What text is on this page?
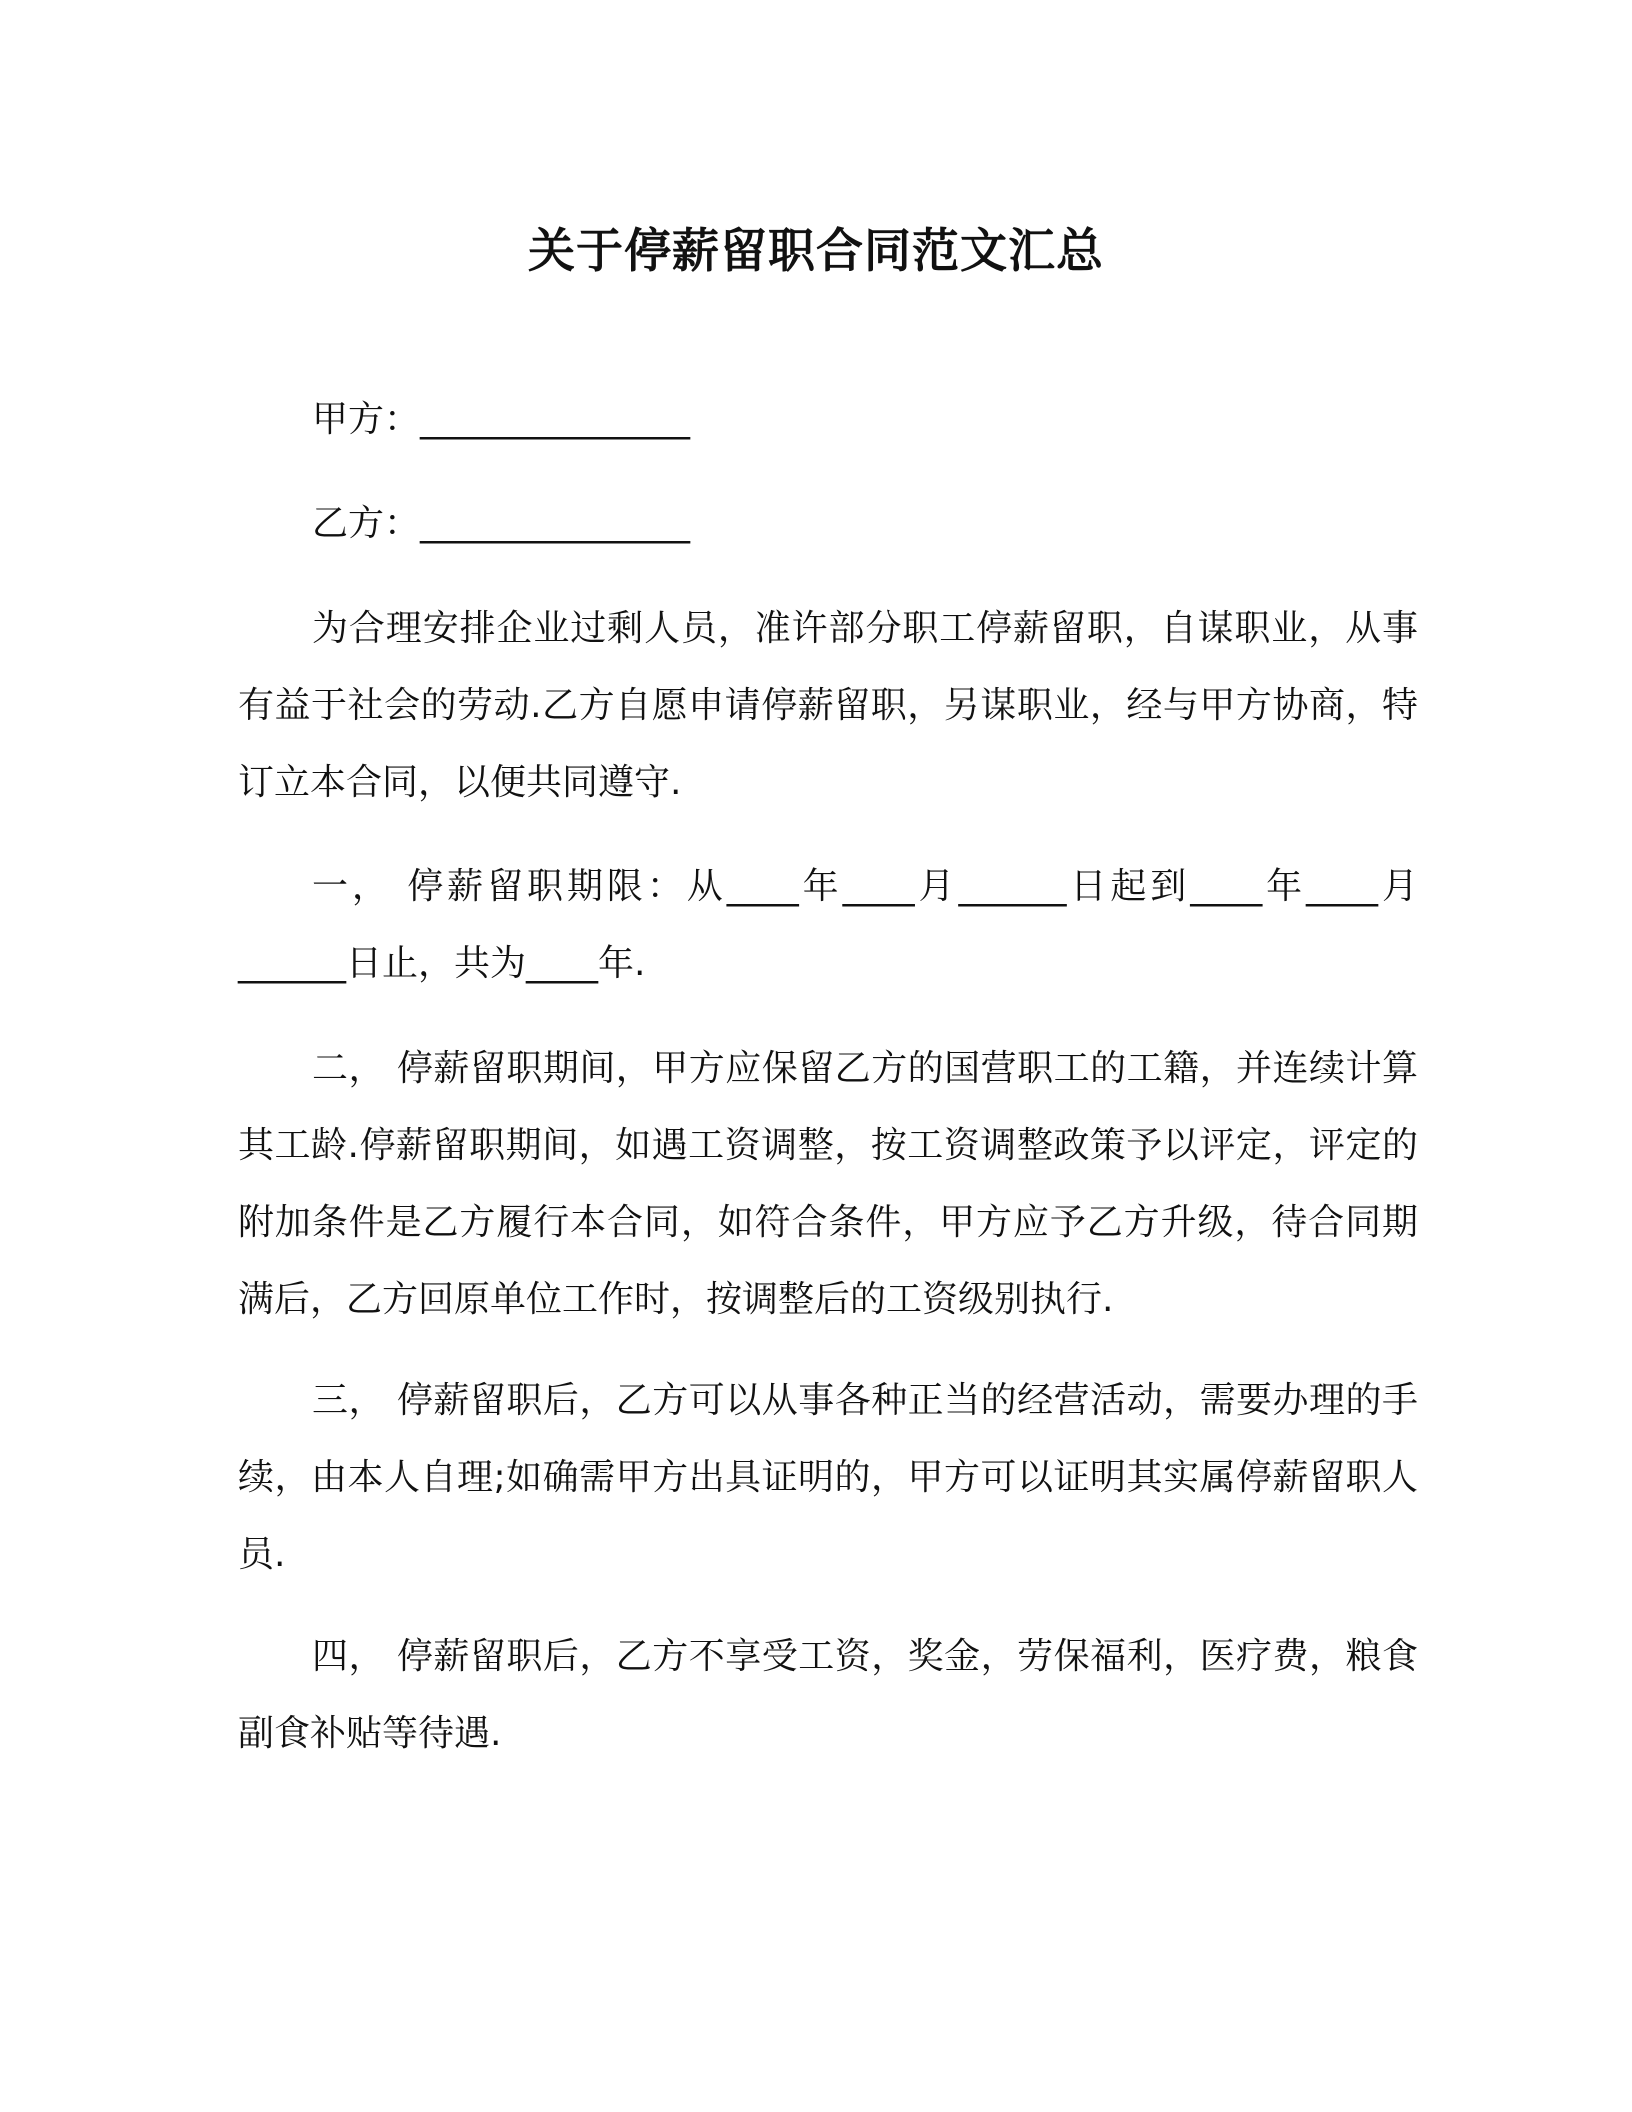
关于停薪留职合同范文汇总
甲方：_______________
乙方：_______________

为合理安排企业过剩人员，准许部分职工停薪留职，自谋职业，从事有益于社会的劳动.乙方自愿申请停薪留职，另谋职业，经与甲方协商，特订立本合同，以便共同遵守.

一， 停薪留职期限：从____年____月______日起到____年____月______日止，共为____年.

二， 停薪留职期间，甲方应保留乙方的国营职工的工籍，并连续计算其工龄.停薪留职期间，如遇工资调整，按工资调整政策予以评定，评定的附加条件是乙方履行本合同，如符合条件，甲方应予乙方升级，待合同期满后，乙方回原单位工作时，按调整后的工资级别执行.

三， 停薪留职后，乙方可以从事各种正当的经营活动，需要办理的手续，由本人自理;如确需甲方出具证明的，甲方可以证明其实属停薪留职人员.

四， 停薪留职后，乙方不享受工资，奖金，劳保福利，医疗费，粮食副食补贴等待遇.
